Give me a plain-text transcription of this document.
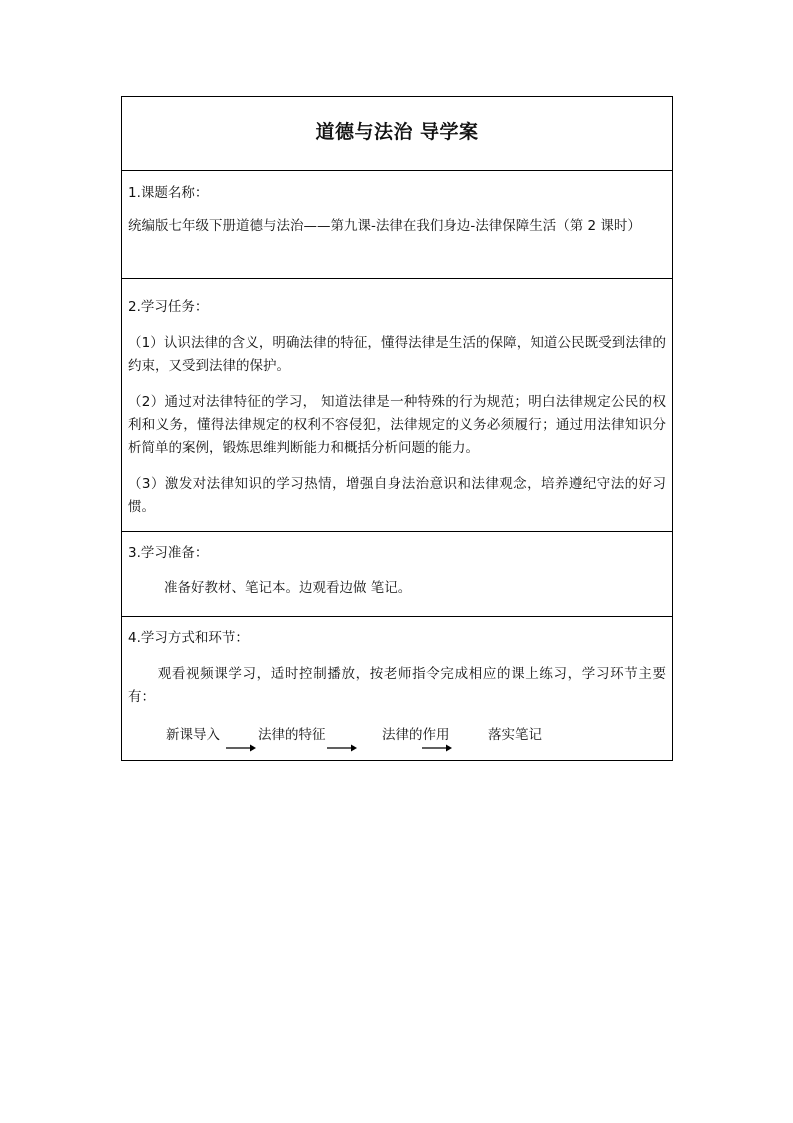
道德与法治 导学案

1.课题名称：

统编版七年级下册道德与法治——第九课-法律在我们身边-法律保障生活（第 2 课时）

2.学习任务：

（1）认识法律的含义，明确法律的特征，懂得法律是生活的保障，知道公民既受到法律的约束，又受到法律的保护。

（2）通过对法律特征的学习， 知道法律是一种特殊的行为规范；明白法律规定公民的权利和义务，懂得法律规定的权利不容侵犯，法律规定的义务必须履行；通过用法律知识分析简单的案例，锻炼思维判断能力和概括分析问题的能力。

（3）激发对法律知识的学习热情，增强自身法治意识和法律观念，培养遵纪守法的好习惯。

3.学习准备：

准备好教材、笔记本。边观看边做 笔记。

4.学习方式和环节：

观看视频课学习，适时控制播放，按老师指令完成相应的课上练习，学习环节主要有：

新课导入	法律的特征	法律的作用	落实笔记
